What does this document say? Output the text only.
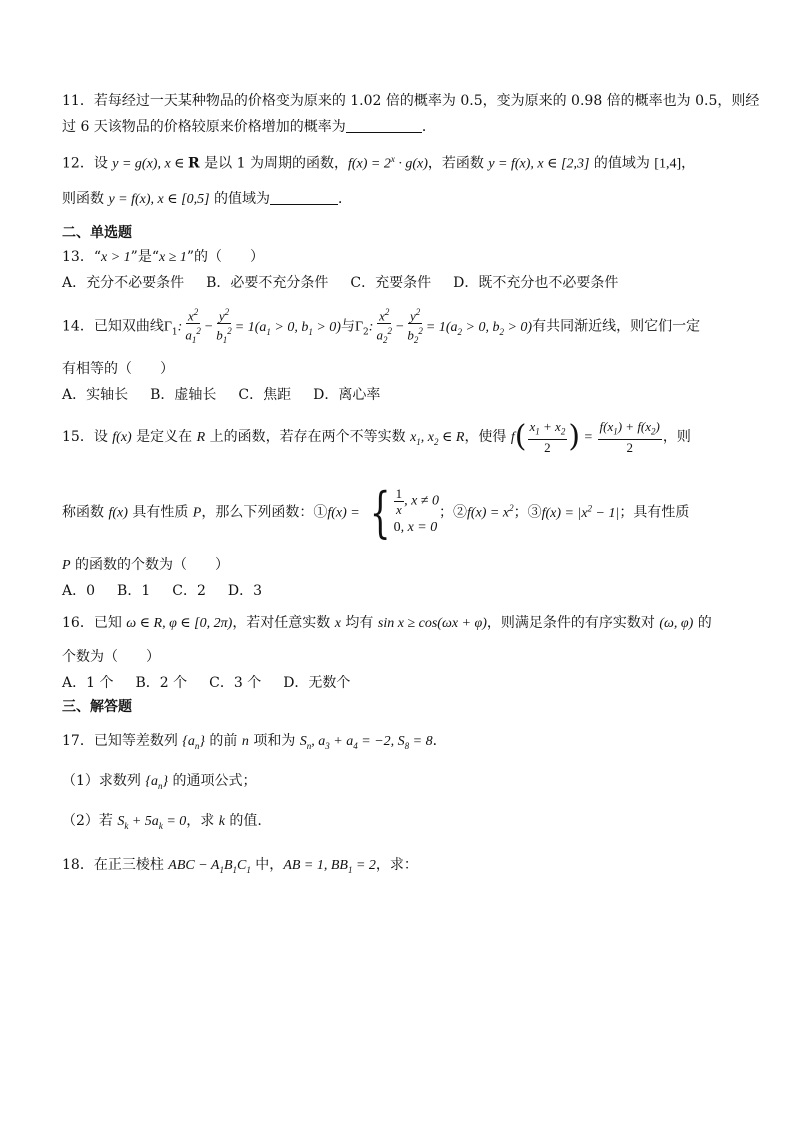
11．若每经过一天某种物品的价格变为原来的 1.02 倍的概率为 0.5，变为原来的 0.98 倍的概率也为 0.5，则经
过 6 天该物品的价格较原来价格增加的概率为	．
12．设 y = g(x), x ∈ R 是以 1 为周期的函数，$f(x) = 2^x \cdot g(x)$，若函数 y = f(x), x ∈ [2,3] 的值域为 [1,4]，
则函数 y = f(x), x ∈ [0,5] 的值域为	．
二、单选题
13．“x > 1”是“x ≥ 1”的（　　）
A．充分不必要条件 B．必要不充分条件 C．充要条件 D．既不充分也不必要条件
14．已知双曲线$\Gamma_1$: $\frac{x^2}{a_1^2} - \frac{y^2}{b_1^2} = 1(a_1 > 0$, $b_1 > 0$)与$\Gamma_2$: $\frac{x^2}{a_2^2} - \frac{y^2}{b_2^2} = 1(a_2 > 0$, $b_2 > 0$)有共同渐近线，则它们一定
有相等的（　　）
A．实轴长 B．虚轴长 C．焦距 D．离心率
15．设 f(x) 是定义在 R 上的函数，若存在两个不等实数 $x_1$, $x_2$ ∈ R，使得 $f( \frac{x_1 + x_2}{2}$ ) = $\frac{f(x_1) + f(x_2)}{2}$ ，则
称函数 f(x) 具有性质 P，那么下列函数：①f(x) = { $\frac{1}{x}$ , x ≠ 0
0, x = 0
；②f(x) = $x^2$；③f(x) = $|x^2 - 1|$；具有性质
P 的函数的个数为（　　）
A．0 B．1 C．2 D．3
16．已知 ω ∈ R, φ ∈ [0, 2π)，若对任意实数 x 均有 sin x ≥ cos(ωx + φ)，则满足条件的有序实数对 (ω, φ) 的
个数为（　　）
A．1 个 B．2 个 C．3 个 D．无数个
三、解答题
17．已知等差数列 $\{a_n\}$ 的前 n 项和为 $S_n$, $a_3 + a_4 = -2$, $S_8 = 8$．
（1）求数列 $\{a_n\}$ 的通项公式；
（2）若 $S_k + 5a_k = 0$，求 k 的值.
18．在正三棱柱 ABC − $A_1B_1C_1$ 中，AB = 1, $BB_1 = 2$，求：
